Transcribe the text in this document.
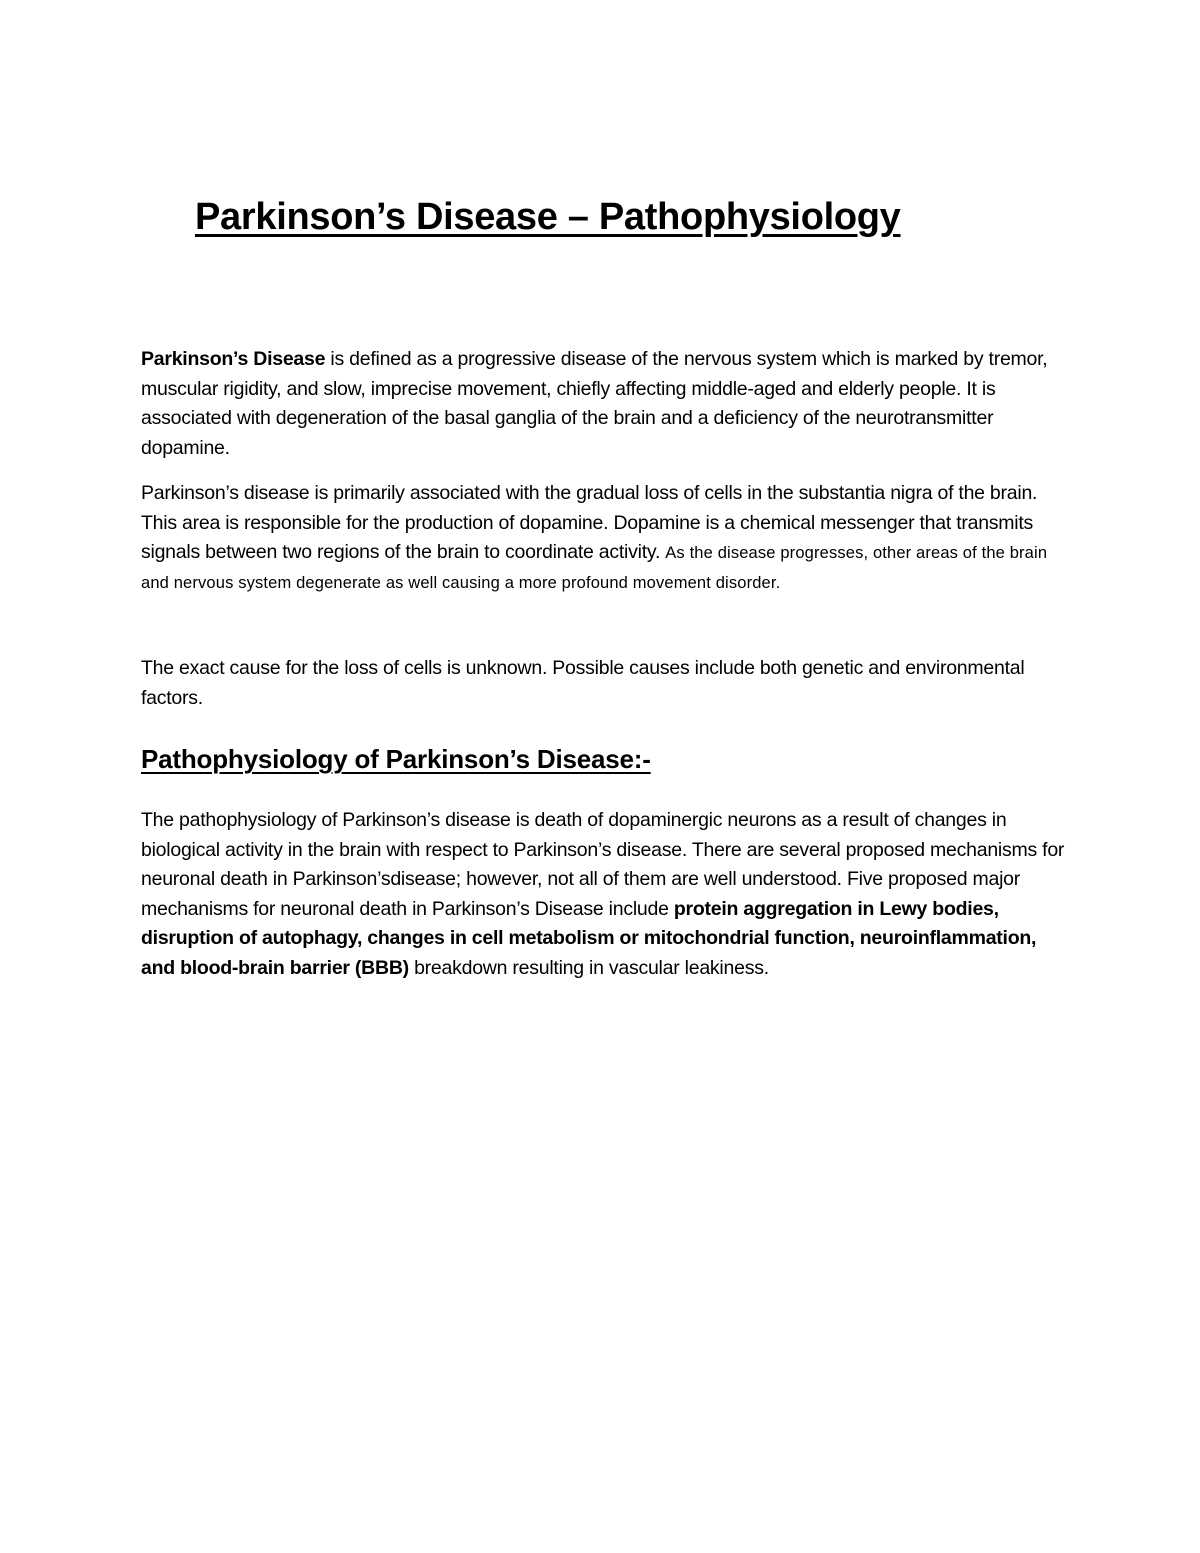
Parkinson’s Disease – Pathophysiology

Parkinson’s Disease is defined as a progressive disease of the nervous system which is marked by tremor, muscular rigidity, and slow, imprecise movement, chiefly affecting middle-aged and elderly people. It is associated with degeneration of the basal ganglia of the brain and a deficiency of the neurotransmitter dopamine.

Parkinson’s disease is primarily associated with the gradual loss of cells in the substantia nigra of the brain. This area is responsible for the production of dopamine. Dopamine is a chemical messenger that transmits signals between two regions of the brain to coordinate activity. As the disease progresses, other areas of the brain and nervous system degenerate as well causing a more profound movement disorder.

The exact cause for the loss of cells is unknown. Possible causes include both genetic and environmental factors.

Pathophysiology of Parkinson’s Disease:-

The pathophysiology of Parkinson’s disease is death of dopaminergic neurons as a result of changes in biological activity in the brain with respect to Parkinson’s disease. There are several proposed mechanisms for neuronal death in Parkinson’sdisease; however, not all of them are well understood. Five proposed major mechanisms for neuronal death in Parkinson’s Disease include protein aggregation in Lewy bodies, disruption of autophagy, changes in cell metabolism or mitochondrial function, neuroinflammation, and blood-brain barrier (BBB) breakdown resulting in vascular leakiness.
